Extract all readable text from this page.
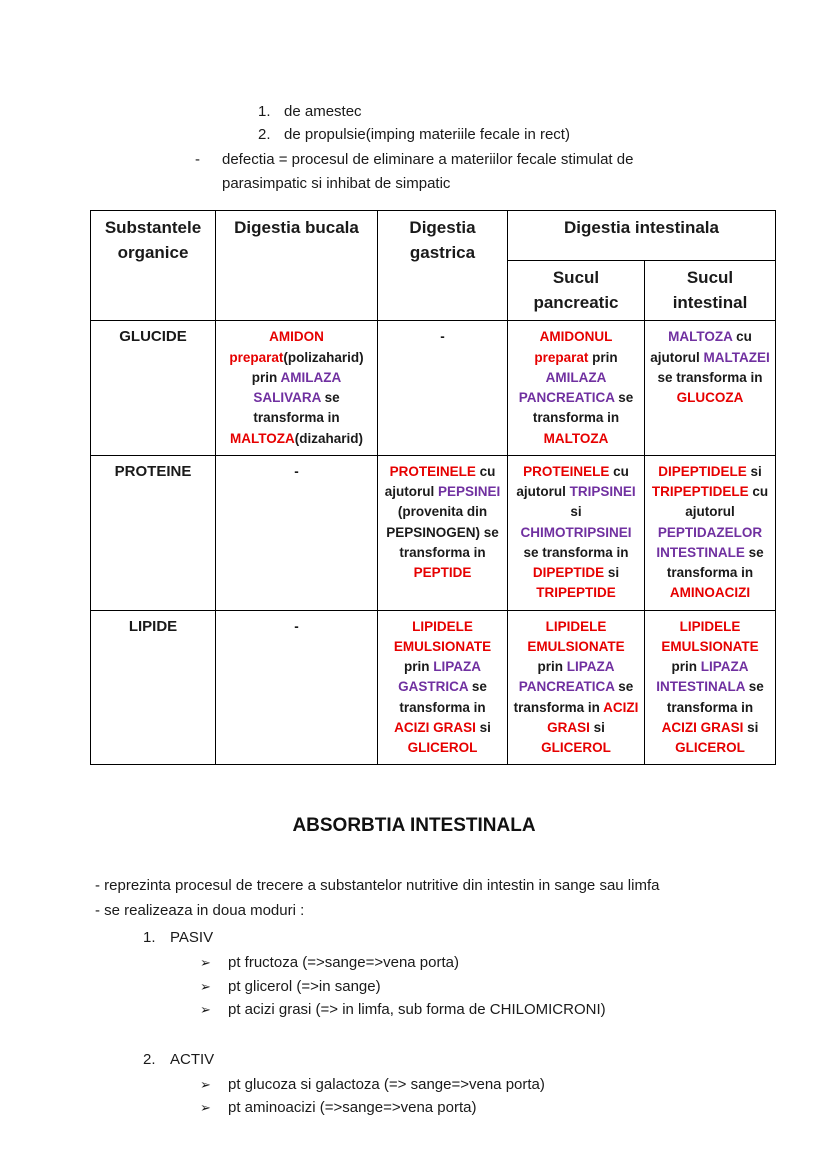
1. de amestec
2. de propulsie(imping materiile fecale in rect)
-	defectia = procesul de eliminare a materiilor fecale stimulat de
parasimpatic si inhibat de simpatic
Substantele organice	Digestia bucala	Digestia gastrica	Digestia intestinala	
			Sucul pancreatic	Sucul intestinal
GLUCIDE	AMIDON preparat(polizaharid) prin AMILAZA SALIVARA se transforma in MALTOZA(dizaharid)	-	AMIDONUL preparat prin AMILAZA PANCREATICA se transforma in MALTOZA	MALTOZA cu ajutorul MALTAZEI se transforma in GLUCOZA
PROTEINE	-	PROTEINELE cu ajutorul PEPSINEI (provenita din PEPSINOGEN) se transforma in PEPTIDE	PROTEINELE cu ajutorul TRIPSINEI si CHIMOTRIPSINEI se transforma in DIPEPTIDE si TRIPEPTIDE	DIPEPTIDELE si TRIPEPTIDELE cu ajutorul PEPTIDAZELOR INTESTINALE se transforma in AMINOACIZI
LIPIDE	-	LIPIDELE EMULSIONATE prin LIPAZA GASTRICA se transforma in ACIZI GRASI si GLICEROL	LIPIDELE EMULSIONATE prin LIPAZA PANCREATICA se transforma in ACIZI GRASI si GLICEROL	LIPIDELE EMULSIONATE prin LIPAZA INTESTINALA se transforma in ACIZI GRASI si GLICEROL
ABSORBTIA INTESTINALA
- reprezinta procesul de trecere a substantelor nutritive din intestin in sange sau limfa
- se realizeaza in doua moduri :
1. PASIV
➢	pt fructoza (=>sange=>vena porta)
➢	pt glicerol (=>in sange)
➢	pt acizi grasi (=> in limfa, sub forma de CHILOMICRONI)
2. ACTIV
➢	pt glucoza si galactoza (=> sange=>vena porta)
➢	pt aminoacizi (=>sange=>vena porta)
